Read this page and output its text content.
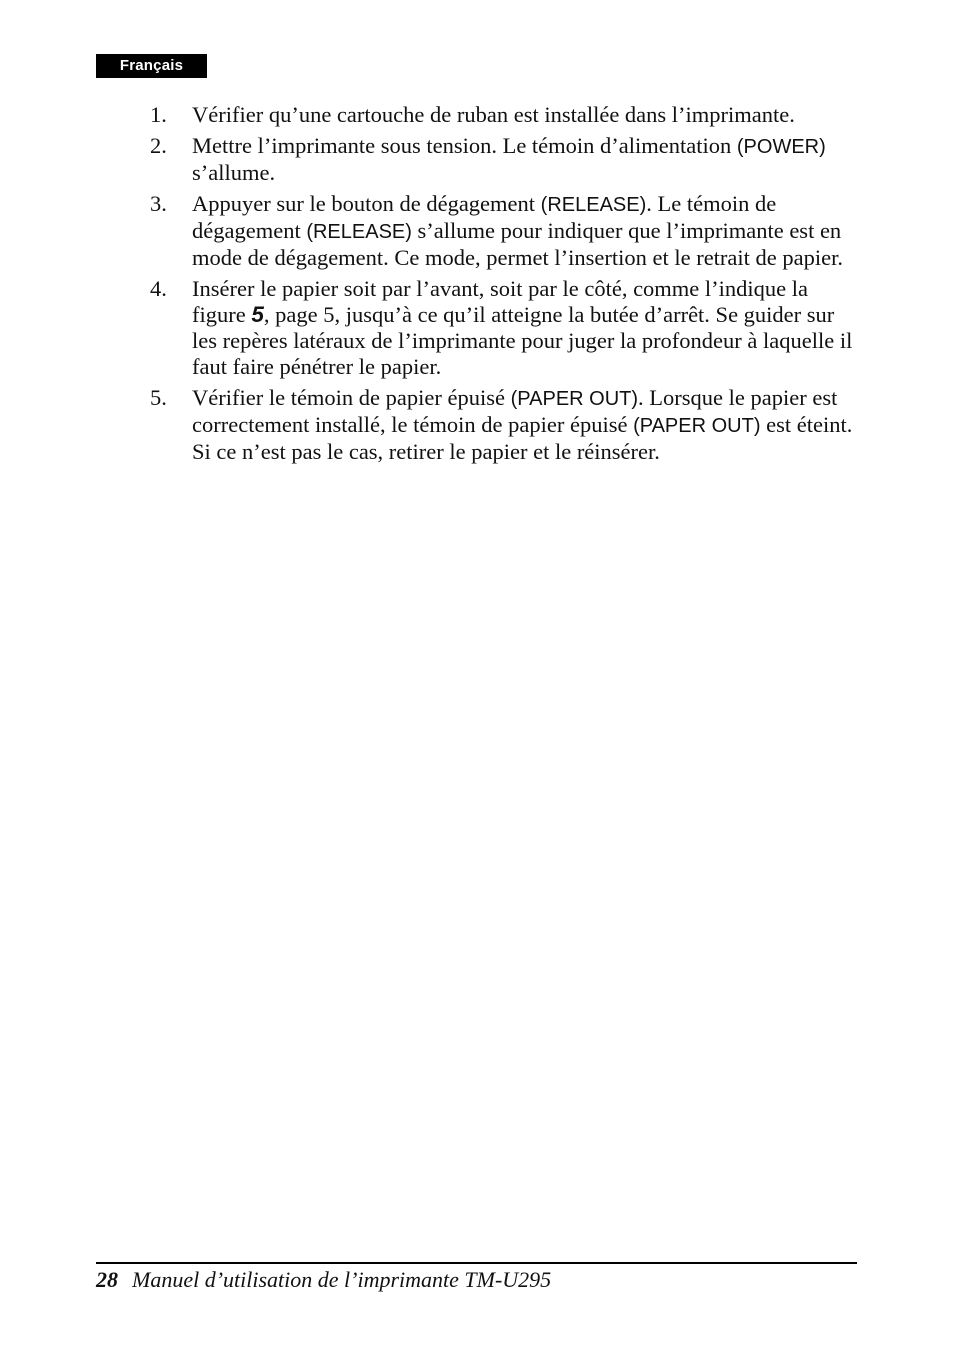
Français
1. Vérifier qu’une cartouche de ruban est installée dans l’imprimante.
2. Mettre l’imprimante sous tension. Le témoin d’alimentation (POWER) s’allume.
3. Appuyer sur le bouton de dégagement (RELEASE). Le témoin de dégagement (RELEASE) s’allume pour indiquer que l’imprimante est en mode de dégagement. Ce mode, permet l’insertion et le retrait de papier.
4. Insérer le papier soit par l’avant, soit par le côté, comme l’indique la figure 5, page 5, jusqu’à ce qu’il atteigne la butée d’arrêt. Se guider sur les repères latéraux de l’imprimante pour juger la profondeur à laquelle il faut faire pénétrer le papier.
5. Vérifier le témoin de papier épuisé (PAPER OUT). Lorsque le papier est correctement installé, le témoin de papier épuisé (PAPER OUT) est éteint. Si ce n’est pas le cas, retirer le papier et le réinsérer.
28 Manuel d’utilisation de l’imprimante TM-U295
